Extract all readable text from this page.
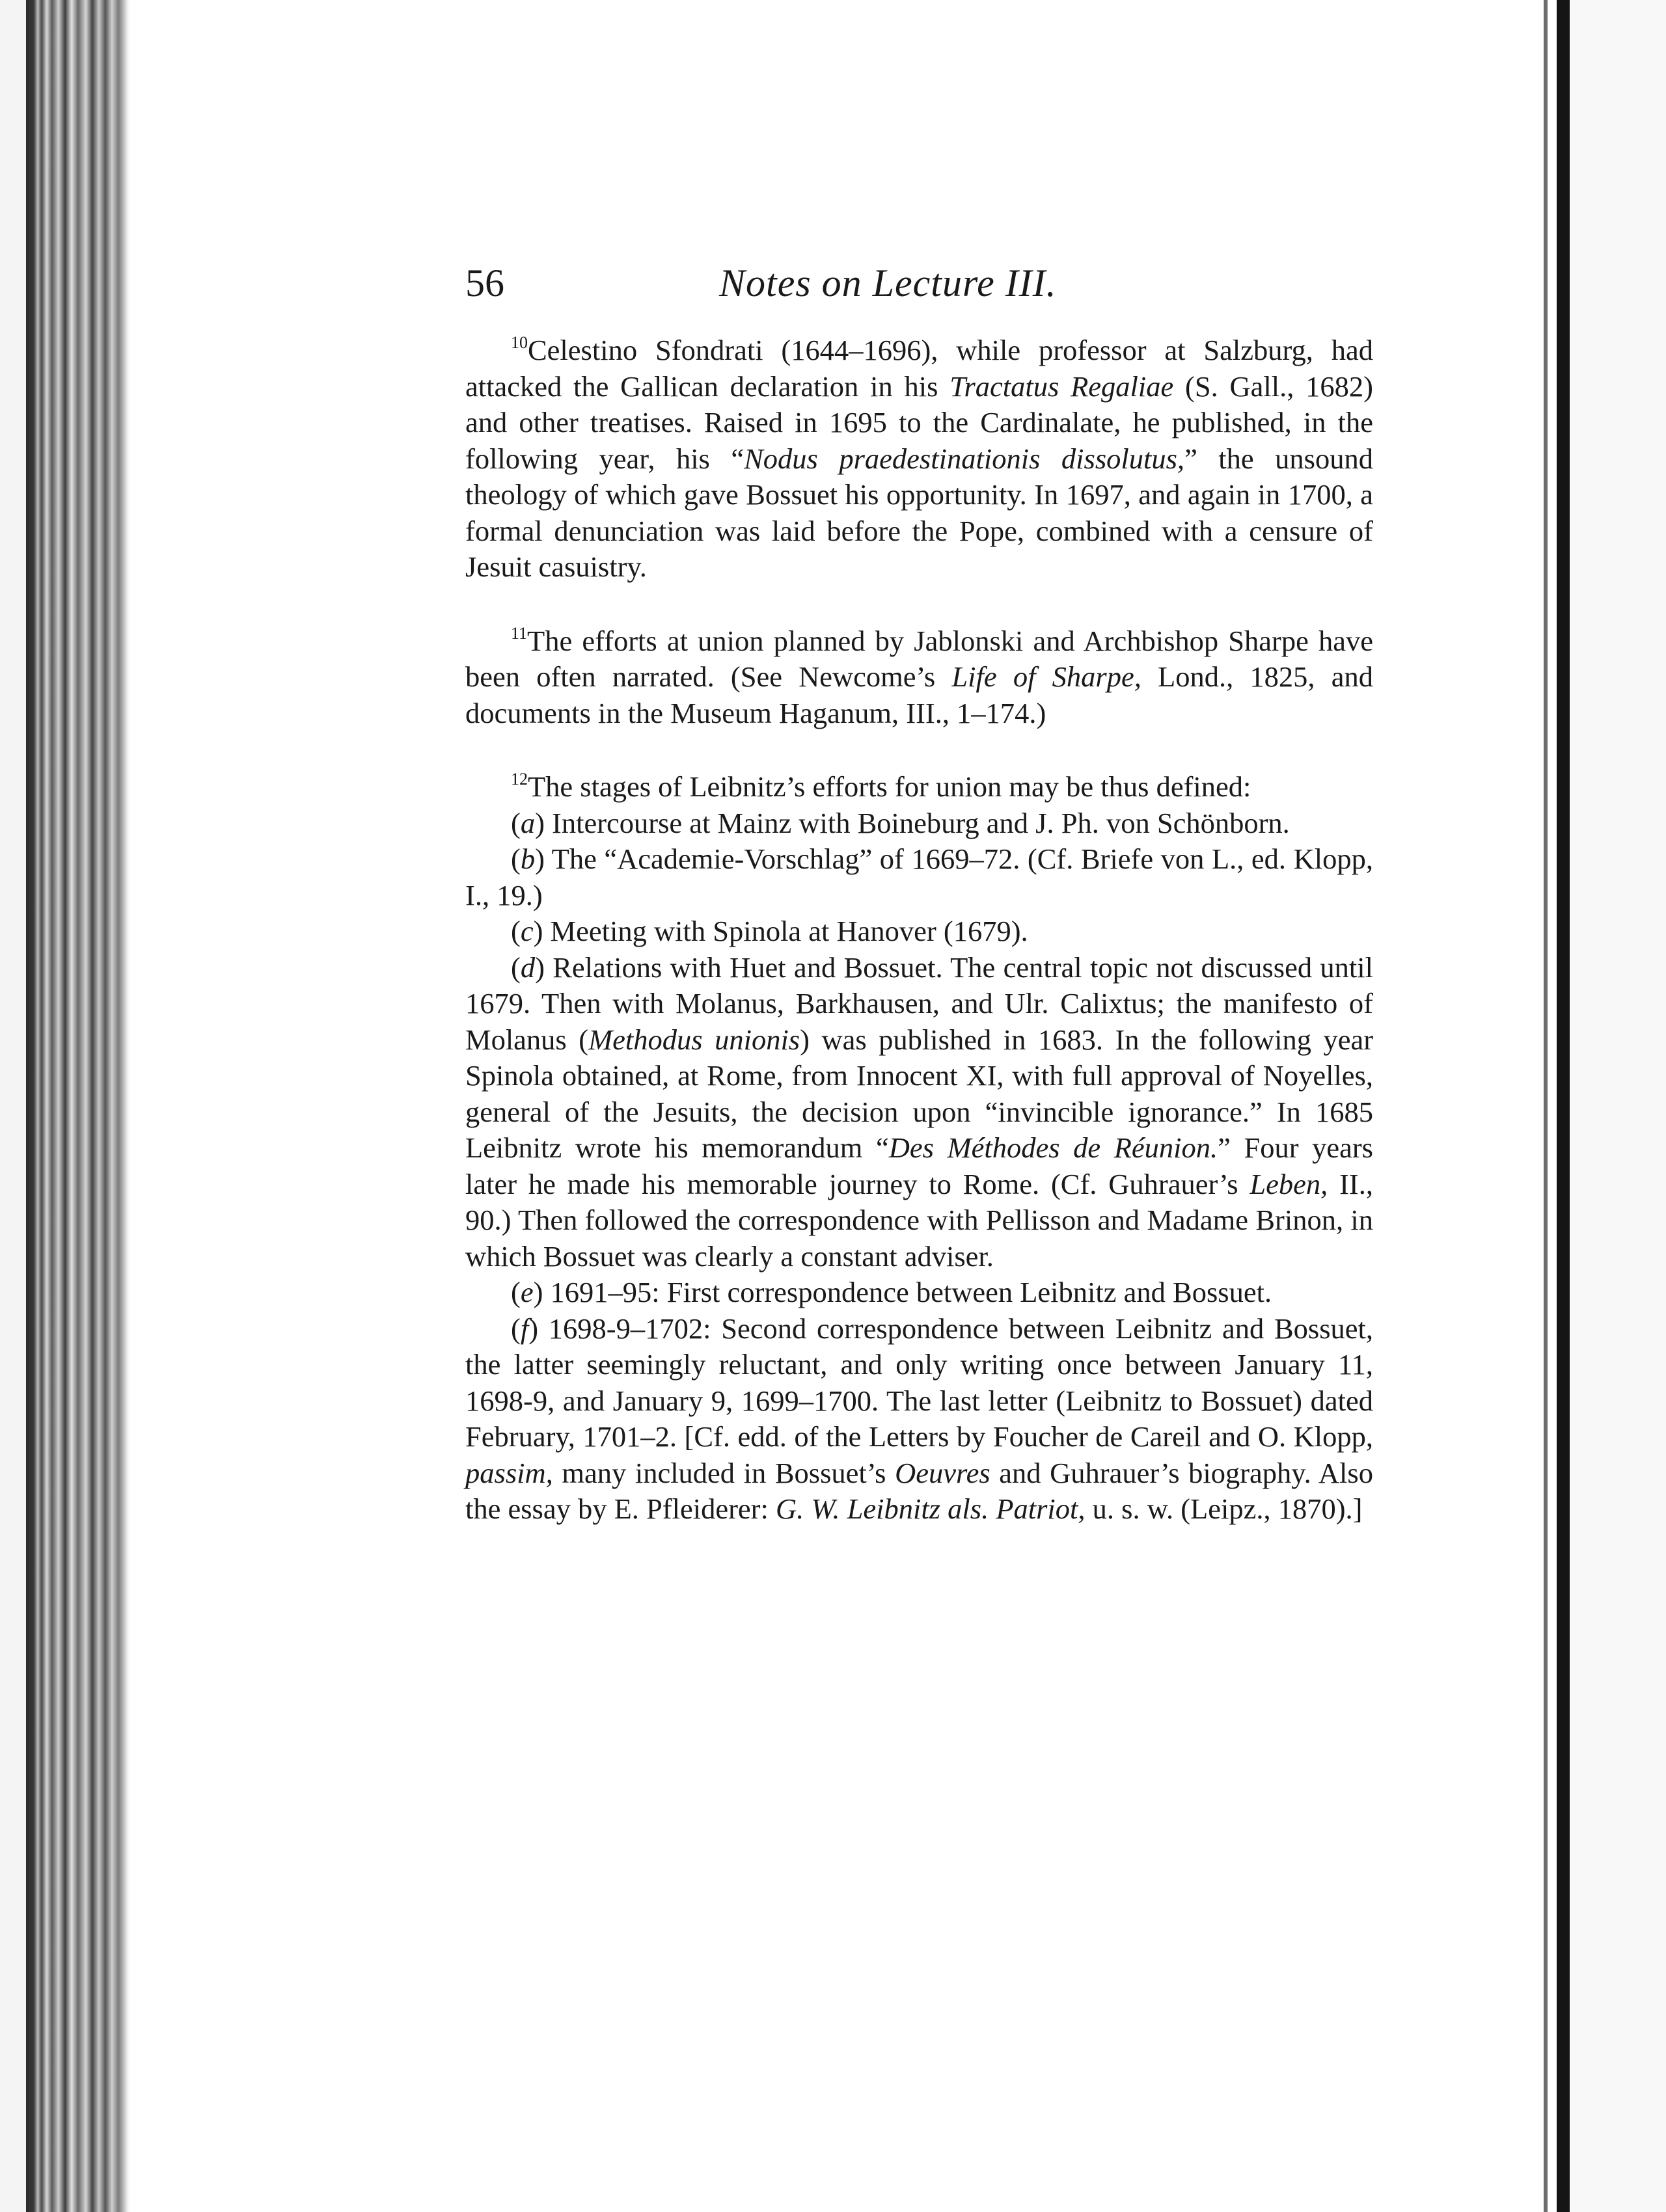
56	Notes on Lecture III.

$^{10}$Celestino Sfondrati (1644–1696), while professor at Salzburg, had attacked the Gallican declaration in his Tractatus Regaliae (S. Gall., 1682) and other treatises. Raised in 1695 to the Cardinalate, he published, in the following year, his “Nodus praedestinationis dissolutus,” the unsound theology of which gave Bossuet his opportunity. In 1697, and again in 1700, a formal denunciation was laid before the Pope, combined with a censure of Jesuit casuistry.

$^{11}$The efforts at union planned by Jablonski and Archbishop Sharpe have been often narrated. (See Newcome’s Life of Sharpe, Lond., 1825, and documents in the Museum Haganum, III., 1–174.)

$^{12}$The stages of Leibnitz’s efforts for union may be thus defined:

(a) Intercourse at Mainz with Boineburg and J. Ph. von Schönborn.

(b) The “Academie-Vorschlag” of 1669–72. (Cf. Briefe von L., ed. Klopp, I., 19.)

(c) Meeting with Spinola at Hanover (1679).

(d) Relations with Huet and Bossuet. The central topic not discussed until 1679. Then with Molanus, Barkhausen, and Ulr. Calixtus; the manifesto of Molanus (Methodus unionis) was published in 1683. In the following year Spinola obtained, at Rome, from Innocent XI, with full approval of Noyelles, general of the Jesuits, the decision upon “invincible ignorance.” In 1685 Leibnitz wrote his memorandum “Des Méthodes de Réunion.” Four years later he made his memorable journey to Rome. (Cf. Guhrauer’s Leben, II., 90.) Then followed the correspondence with Pellisson and Madame Brinon, in which Bossuet was clearly a constant adviser.

(e) 1691–95: First correspondence between Leibnitz and Bossuet.

(f) 1698-9–1702: Second correspondence between Leibnitz and Bossuet, the latter seemingly reluctant, and only writing once between January 11, 1698-9, and January 9, 1699–1700. The last letter (Leibnitz to Bossuet) dated February, 1701–2. [Cf. edd. of the Letters by Foucher de Careil and O. Klopp, passim, many included in Bossuet’s Oeuvres and Guhrauer’s biography. Also the essay by E. Pfleiderer: G. W. Leibnitz als. Patriot, u. s. w. (Leipz., 1870).]
